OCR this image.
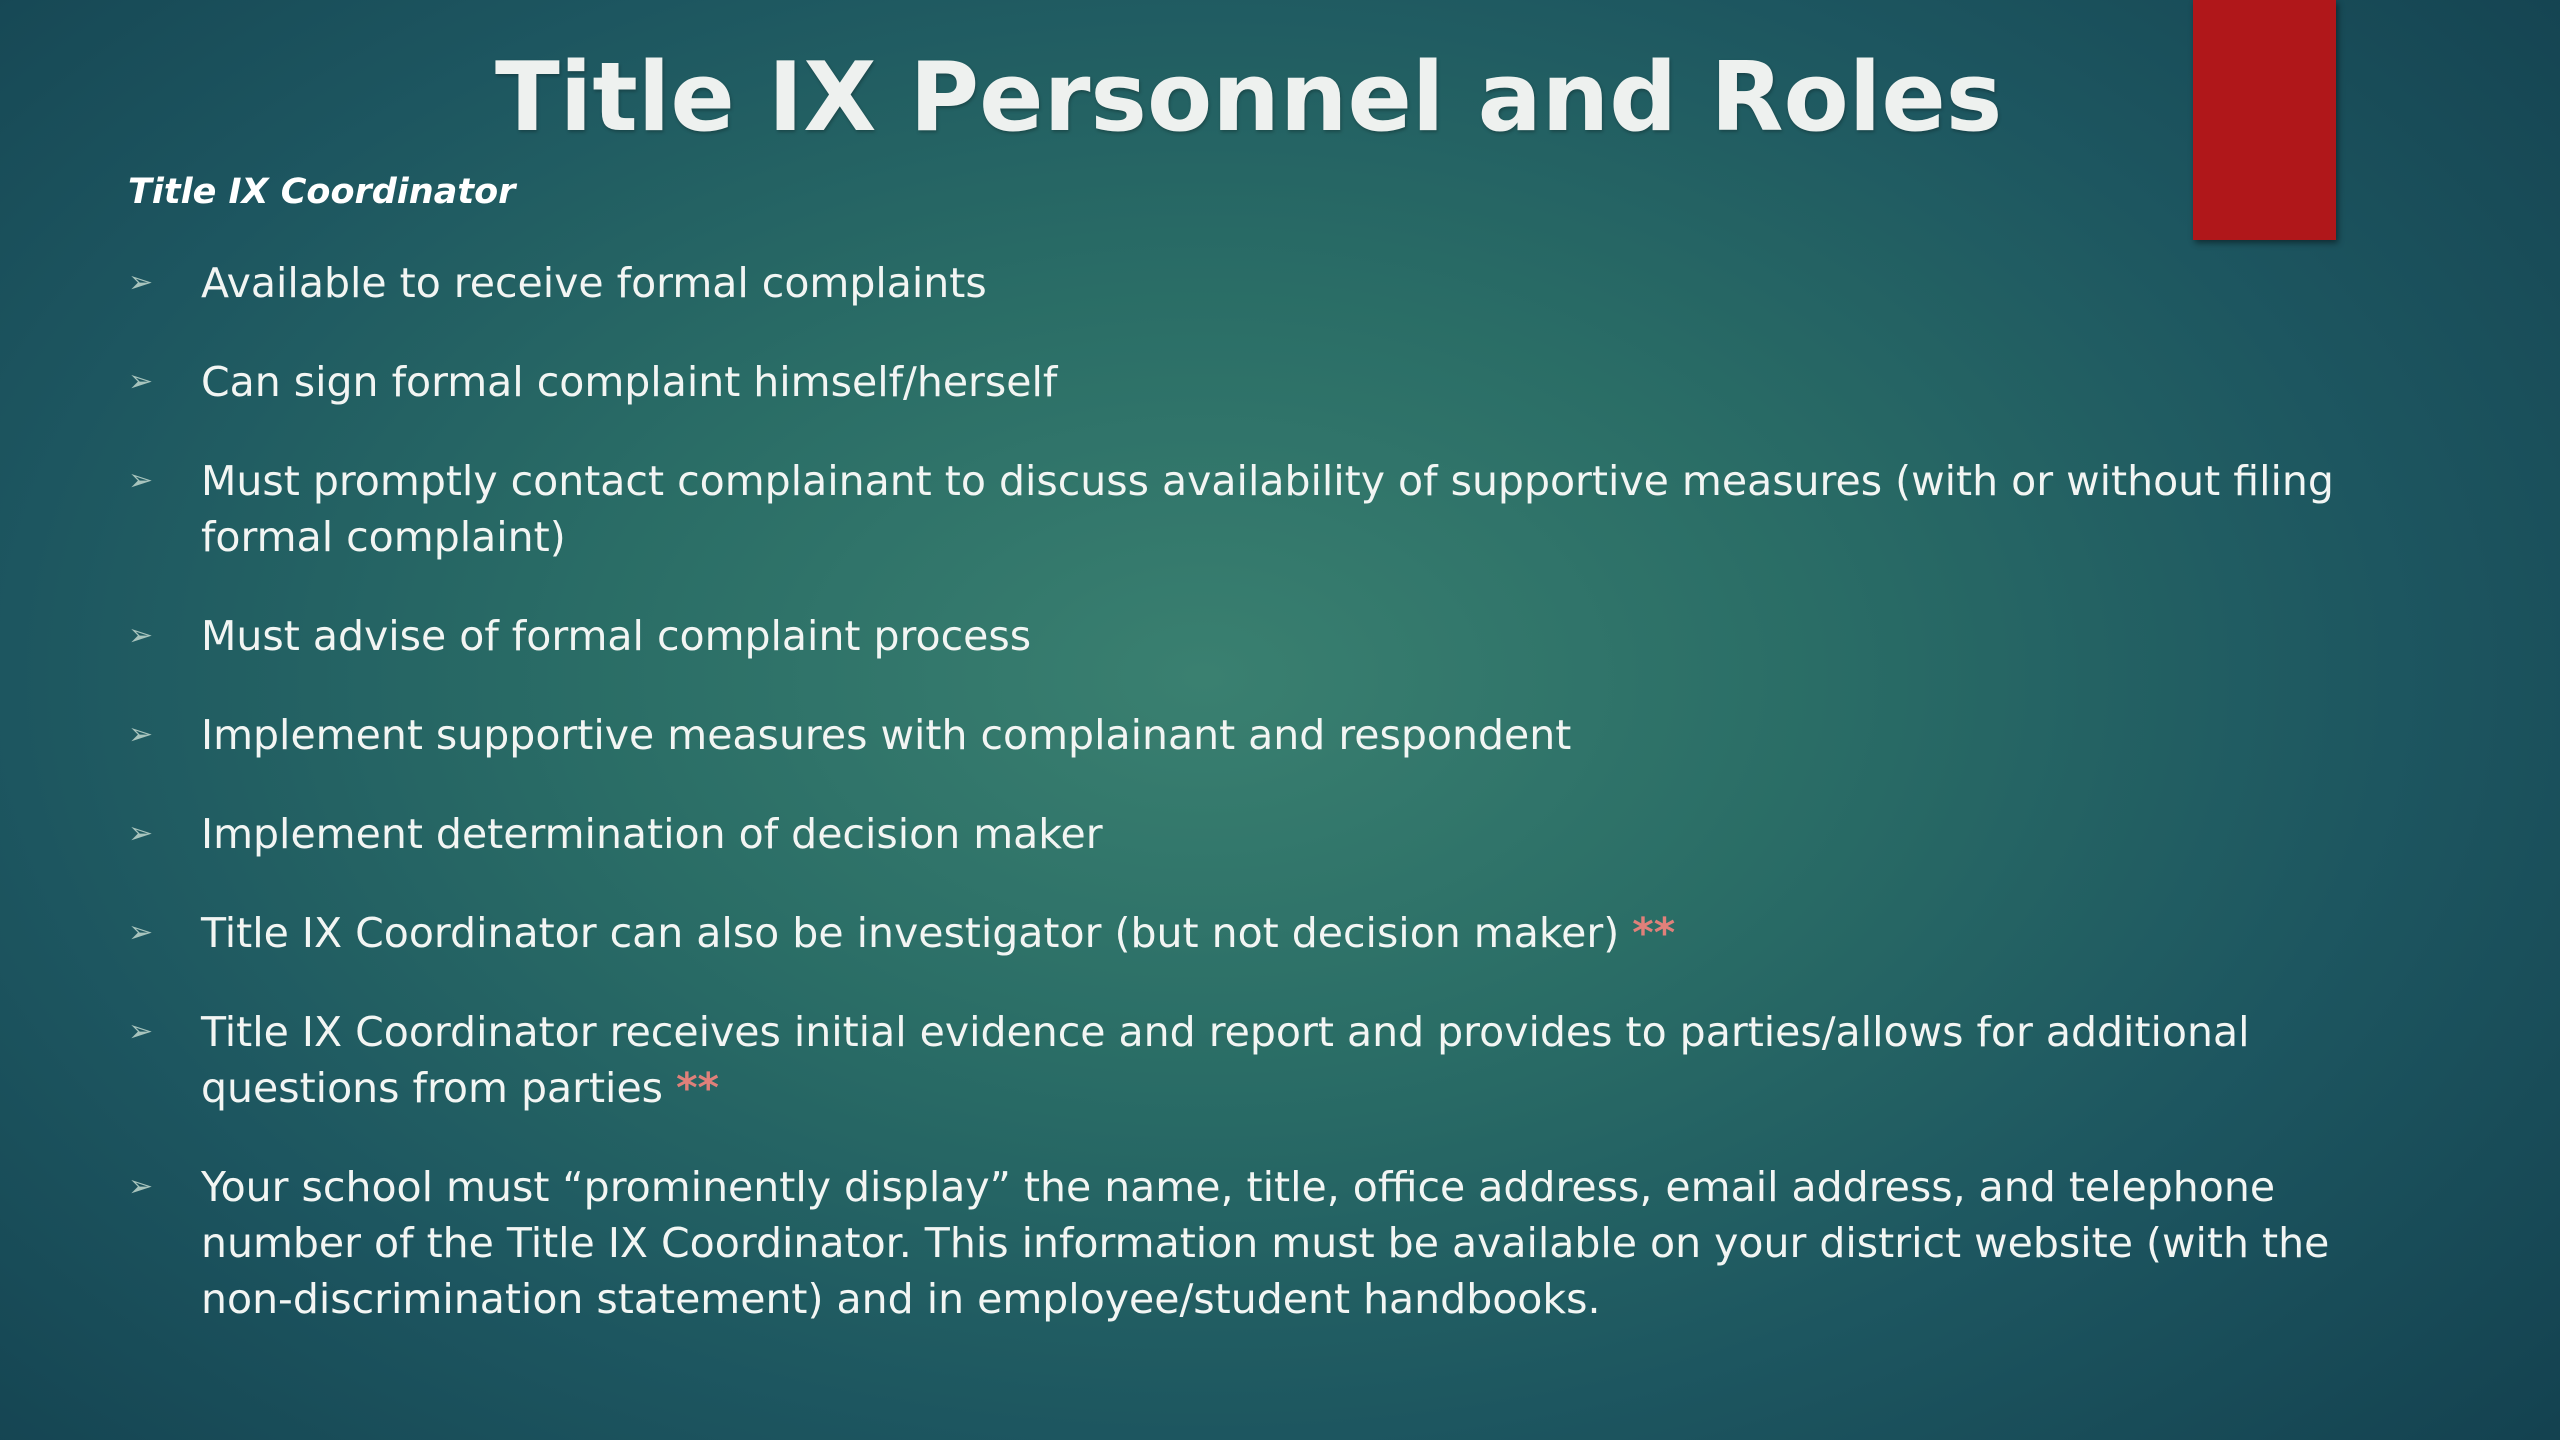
Title IX Personnel and Roles
Title IX Coordinator
➢ Available to receive formal complaints
➢ Can sign formal complaint himself/herself
➢ Must promptly contact complainant to discuss availability of supportive measures (with or without filing formal complaint)
➢ Must advise of formal complaint process
➢ Implement supportive measures with complainant and respondent
➢ Implement determination of decision maker
➢ Title IX Coordinator can also be investigator (but not decision maker) **
➢ Title IX Coordinator receives initial evidence and report and provides to parties/allows for additional questions from parties **
➢ Your school must “prominently display” the name, title, office address, email address, and telephone number of the Title IX Coordinator. This information must be available on your district website (with the non-discrimination statement) and in employee/student handbooks.
